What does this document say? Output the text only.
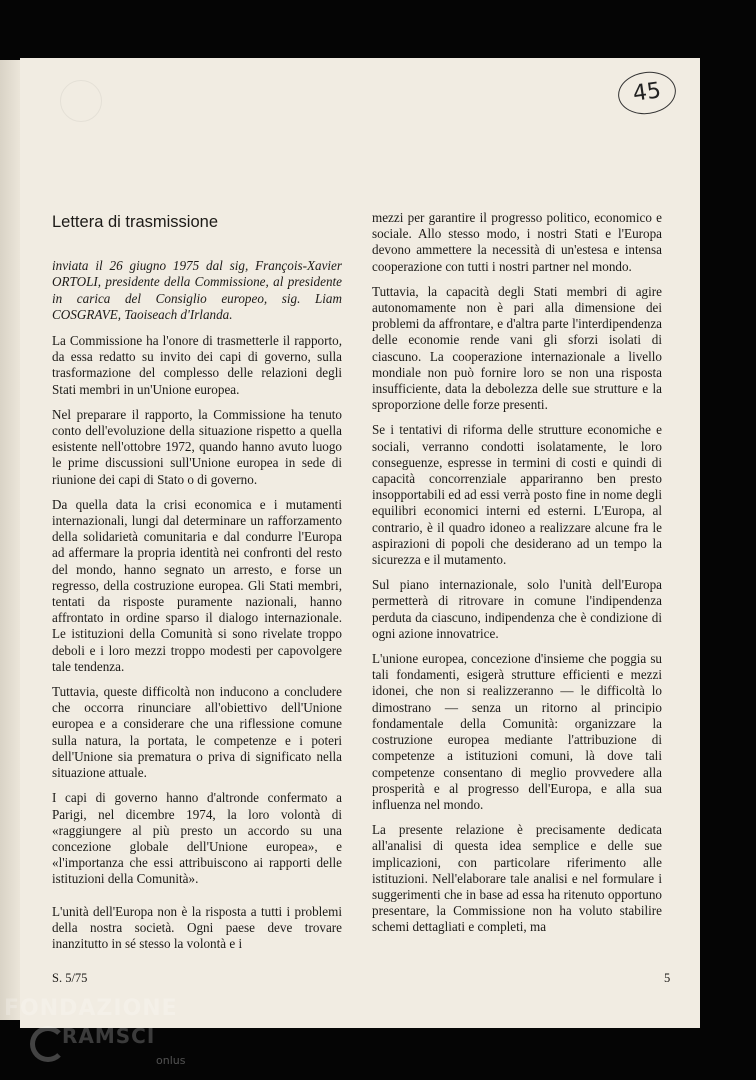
45
Lettera di trasmissione

inviata il 26 giugno 1975 dal sig, François-Xavier ORTOLI, presidente della Commissione, al presidente in carica del Consiglio europeo, sig. Liam COSGRAVE, Taoiseach d'Irlanda.

La Commissione ha l'onore di trasmetterle il rapporto, da essa redatto su invito dei capi di governo, sulla trasformazione del complesso delle relazioni degli Stati membri in un'Unione europea.

Nel preparare il rapporto, la Commissione ha tenuto conto dell'evoluzione della situazione rispetto a quella esistente nell'ottobre 1972, quando hanno avuto luogo le prime discussioni sull'Unione europea in sede di riunione dei capi di Stato o di governo.

Da quella data la crisi economica e i mutamenti internazionali, lungi dal determinare un rafforzamento della solidarietà comunitaria e dal condurre l'Europa ad affermare la propria identità nei confronti del resto del mondo, hanno segnato un arresto, e forse un regresso, della costruzione europea. Gli Stati membri, tentati da risposte puramente nazionali, hanno affrontato in ordine sparso il dialogo internazionale. Le istituzioni della Comunità si sono rivelate troppo deboli e i loro mezzi troppo modesti per capovolgere tale tendenza.

Tuttavia, queste difficoltà non inducono a concludere che occorra rinunciare all'obiettivo dell'Unione europea e a considerare che una riflessione comune sulla natura, la portata, le competenze e i poteri dell'Unione sia prematura o priva di significato nella situazione attuale.

I capi di governo hanno d'altronde confermato a Parigi, nel dicembre 1974, la loro volontà di «raggiungere al più presto un accordo su una concezione globale dell'Unione europea», e «l'importanza che essi attribuiscono ai rapporti delle istituzioni della Comunità».

L'unità dell'Europa non è la risposta a tutti i problemi della nostra società. Ogni paese deve trovare inanzitutto in sé stesso la volontà e i

mezzi per garantire il progresso politico, economico e sociale. Allo stesso modo, i nostri Stati e l'Europa devono ammettere la necessità di un'estesa e intensa cooperazione con tutti i nostri partner nel mondo.

Tuttavia, la capacità degli Stati membri di agire autonomamente non è pari alla dimensione dei problemi da affrontare, e d'altra parte l'interdipendenza delle economie rende vani gli sforzi isolati di ciascuno. La cooperazione internazionale a livello mondiale non può fornire loro se non una risposta insufficiente, data la debolezza delle sue strutture e la sproporzione delle forze presenti.

Se i tentativi di riforma delle strutture economiche e sociali, verranno condotti isolatamente, le loro conseguenze, espresse in termini di costi e quindi di capacità concorrenziale appariranno ben presto insopportabili ed ad essi verrà posto fine in nome degli equilibri economici interni ed esterni. L'Europa, al contrario, è il quadro idoneo a realizzare alcune fra le aspirazioni di popoli che desiderano ad un tempo la sicurezza e il mutamento.

Sul piano internazionale, solo l'unità dell'Europa permetterà di ritrovare in comune l'indipendenza perduta da ciascuno, indipendenza che è condizione di ogni azione innovatrice.

L'unione europea, concezione d'insieme che poggia su tali fondamenti, esigerà strutture efficienti e mezzi idonei, che non si realizzeranno — le difficoltà lo dimostrano — senza un ritorno al principio fondamentale della Comunità: organizzare la costruzione europea mediante l'attribuzione di competenze a istituzioni comuni, là dove tali competenze consentano di meglio provvedere alla prosperità e al progresso dell'Europa, e alla sua influenza nel mondo.

La presente relazione è precisamente dedicata all'analisi di questa idea semplice e delle sue implicazioni, con particolare riferimento alle istituzioni. Nell'elaborare tale analisi e nel formulare i suggerimenti che in base ad essa ha ritenuto opportuno presentare, la Commissione non ha voluto stabilire schemi dettagliati e completi, ma

S. 5/75	5
FONDAZIONE
RAMSCI
onlus
